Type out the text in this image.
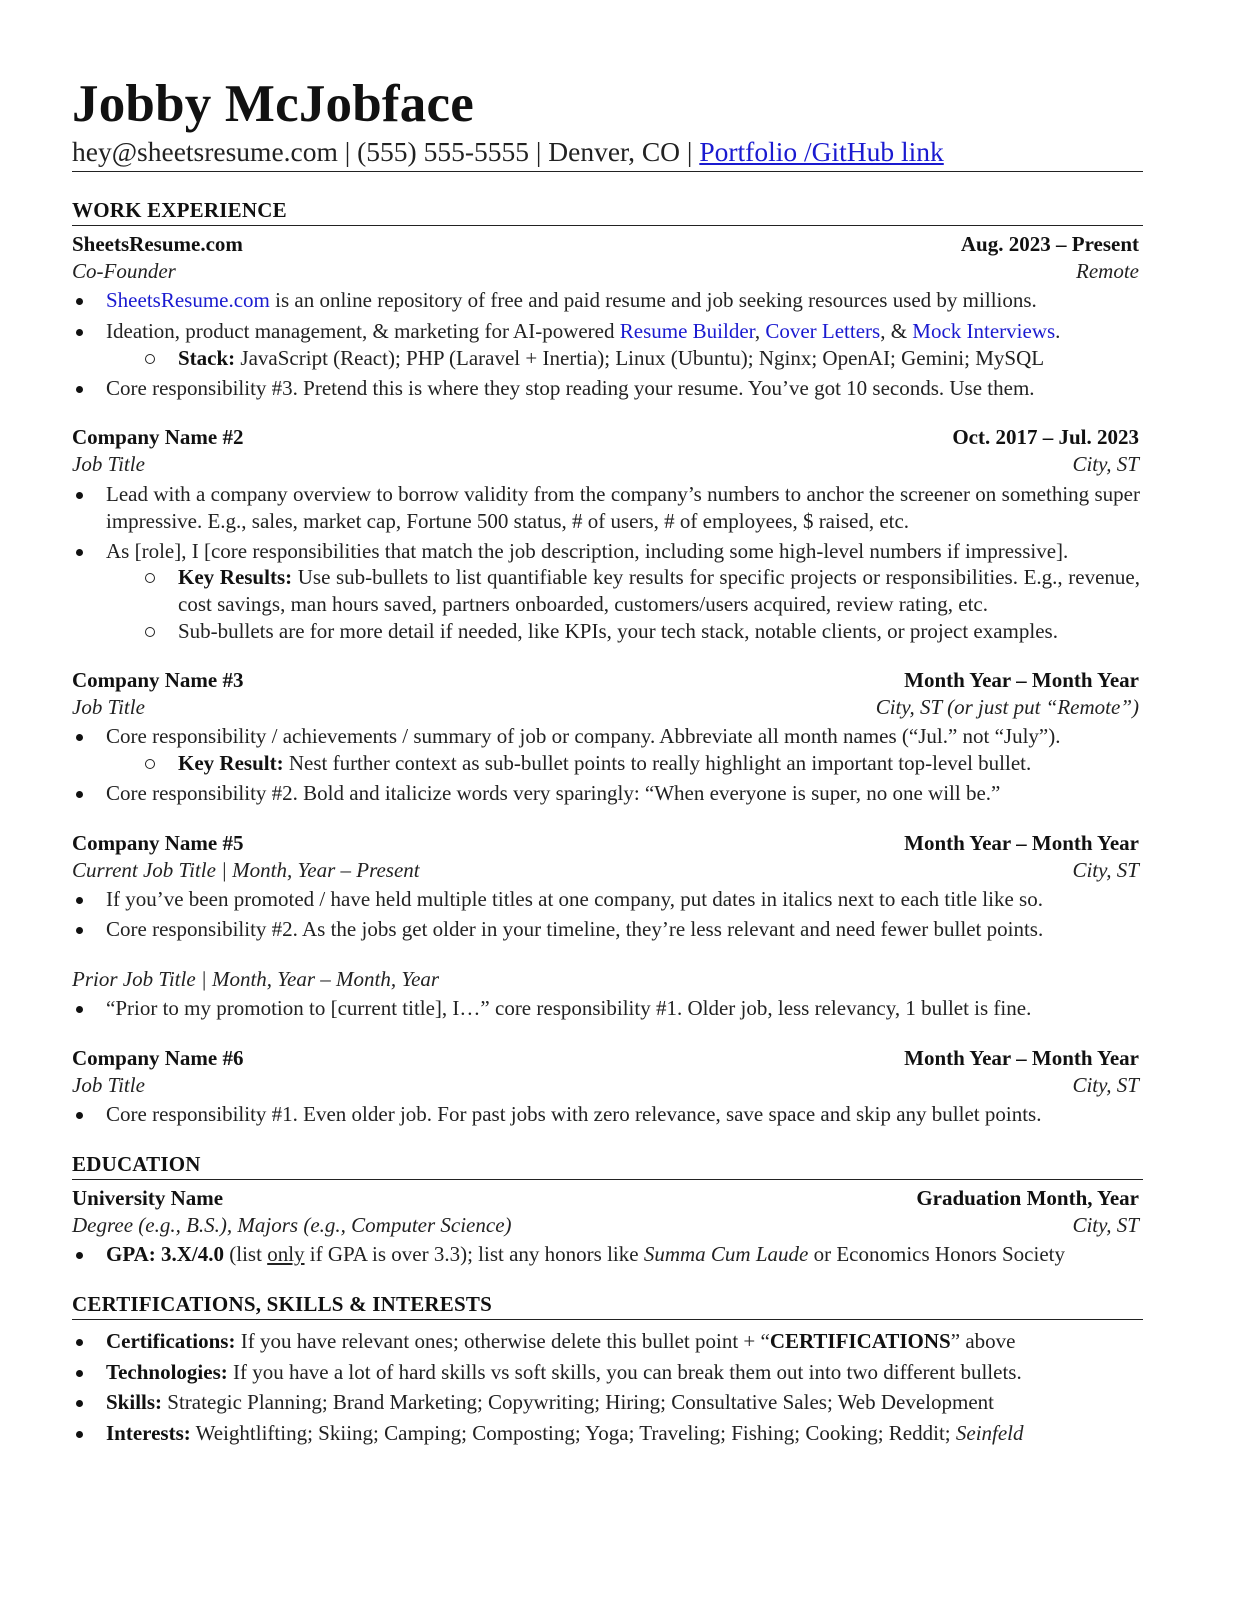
Jobby McJobface
hey@sheetsresume.com | (555) 555-5555 | Denver, CO | Portfolio /GitHub link
WORK EXPERIENCE
SheetsResume.com	Aug. 2023 – Present
Co-Founder	Remote
SheetsResume.com is an online repository of free and paid resume and job seeking resources used by millions.
Ideation, product management, & marketing for AI-powered Resume Builder, Cover Letters, & Mock Interviews.
Stack: JavaScript (React); PHP (Laravel + Inertia); Linux (Ubuntu); Nginx; OpenAI; Gemini; MySQL
Core responsibility #3. Pretend this is where they stop reading your resume. You’ve got 10 seconds. Use them.
Company Name #2	Oct. 2017 – Jul. 2023
Job Title	City, ST
Lead with a company overview to borrow validity from the company’s numbers to anchor the screener on something super impressive. E.g., sales, market cap, Fortune 500 status, # of users, # of employees, $ raised, etc.
As [role], I [core responsibilities that match the job description, including some high-level numbers if impressive].
Key Results: Use sub-bullets to list quantifiable key results for specific projects or responsibilities. E.g., revenue, cost savings, man hours saved, partners onboarded, customers/users acquired, review rating, etc.
Sub-bullets are for more detail if needed, like KPIs, your tech stack, notable clients, or project examples.
Company Name #3	Month Year – Month Year
Job Title	City, ST (or just put “Remote”)
Core responsibility / achievements / summary of job or company. Abbreviate all month names (“Jul.” not “July”).
Key Result: Nest further context as sub-bullet points to really highlight an important top-level bullet.
Core responsibility #2. Bold and italicize words very sparingly: “When everyone is super, no one will be.”
Company Name #5	Month Year – Month Year
Current Job Title | Month, Year – Present	City, ST
If you’ve been promoted / have held multiple titles at one company, put dates in italics next to each title like so.
Core responsibility #2. As the jobs get older in your timeline, they’re less relevant and need fewer bullet points.
Prior Job Title | Month, Year – Month, Year
“Prior to my promotion to [current title], I…” core responsibility #1. Older job, less relevancy, 1 bullet is fine.
Company Name #6	Month Year – Month Year
Job Title	City, ST
Core responsibility #1. Even older job. For past jobs with zero relevance, save space and skip any bullet points.
EDUCATION
University Name	Graduation Month, Year
Degree (e.g., B.S.), Majors (e.g., Computer Science)	City, ST
GPA: 3.X/4.0 (list only if GPA is over 3.3); list any honors like Summa Cum Laude or Economics Honors Society
CERTIFICATIONS, SKILLS & INTERESTS
Certifications: If you have relevant ones; otherwise delete this bullet point + “CERTIFICATIONS” above
Technologies: If you have a lot of hard skills vs soft skills, you can break them out into two different bullets.
Skills: Strategic Planning; Brand Marketing; Copywriting; Hiring; Consultative Sales; Web Development
Interests: Weightlifting; Skiing; Camping; Composting; Yoga; Traveling; Fishing; Cooking; Reddit; Seinfeld
